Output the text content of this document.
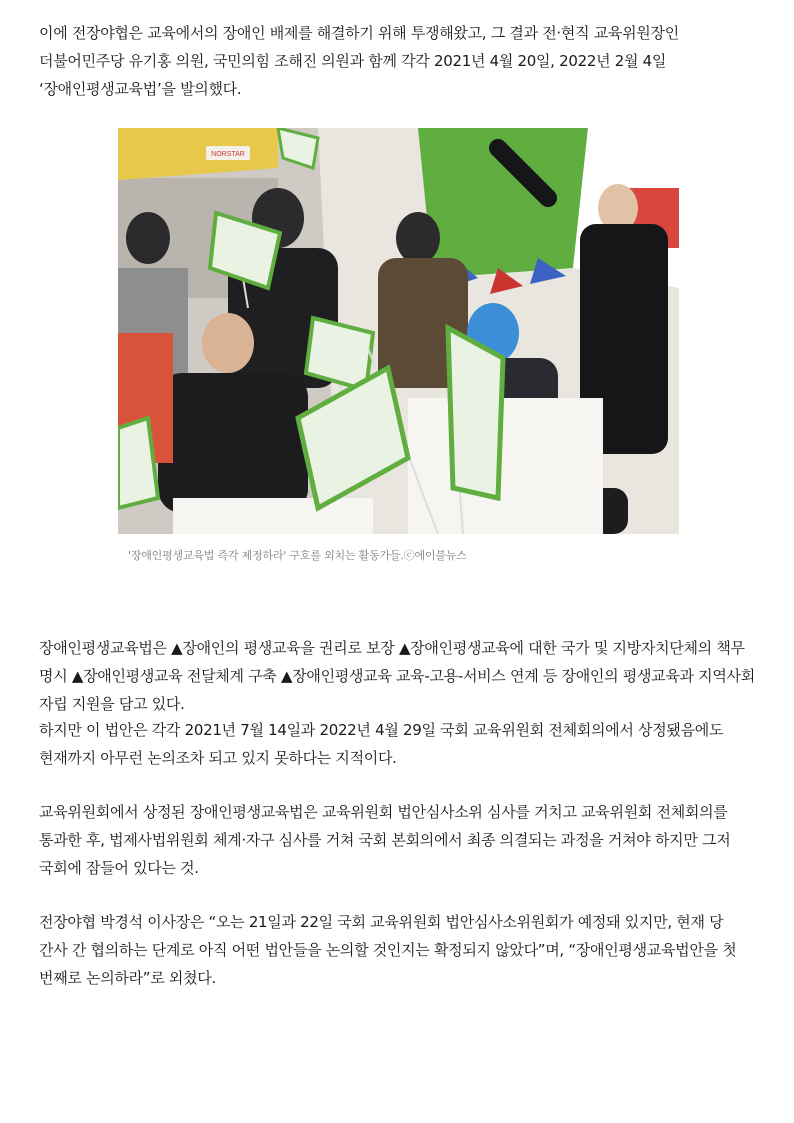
이에 전장야협은 교육에서의 장애인 배제를 해결하기 위해 투쟁해왔고, 그 결과 전·현직 교육위원장인 더불어민주당 유기홍 의원, 국민의힘 조해진 의원과 함께 각각 2021년 4월 20일, 2022년 2월 4일 ‘장애인평생교육법’을 발의했다.

NORSTAR

'장애인평생교육법 즉각 제정하라' 구호를 외치는 활동가들.ⓒ에이블뉴스

장애인평생교육법은 ▲장애인의 평생교육을 권리로 보장 ▲장애인평생교육에 대한 국가 및 지방자치단체의 책무 명시 ▲장애인평생교육 전달체계 구축 ▲장애인평생교육 교육-고용-서비스 연계 등 장애인의 평생교육과 지역사회 자립 지원을 담고 있다.

하지만 이 법안은 각각 2021년 7월 14일과 2022년 4월 29일 국회 교육위원회 전체회의에서 상정됐음에도 현재까지 아무런 논의조차 되고 있지 못하다는 지적이다.

교육위원회에서 상정된 장애인평생교육법은 교육위원회 법안심사소위 심사를 거치고 교육위원회 전체회의를 통과한 후, 법제사법위원회 체계·자구 심사를 거쳐 국회 본회의에서 최종 의결되는 과정을 거쳐야 하지만 그저 국회에 잠들어 있다는 것.

전장야협 박경석 이사장은 “오는 21일과 22일 국회 교육위원회 법안심사소위원회가 예정돼 있지만, 현재 당 간사 간 협의하는 단계로 아직 어떤 법안들을 논의할 것인지는 확정되지 않았다”며, “장애인평생교육법안을 첫 번째로 논의하라”로 외쳤다.
